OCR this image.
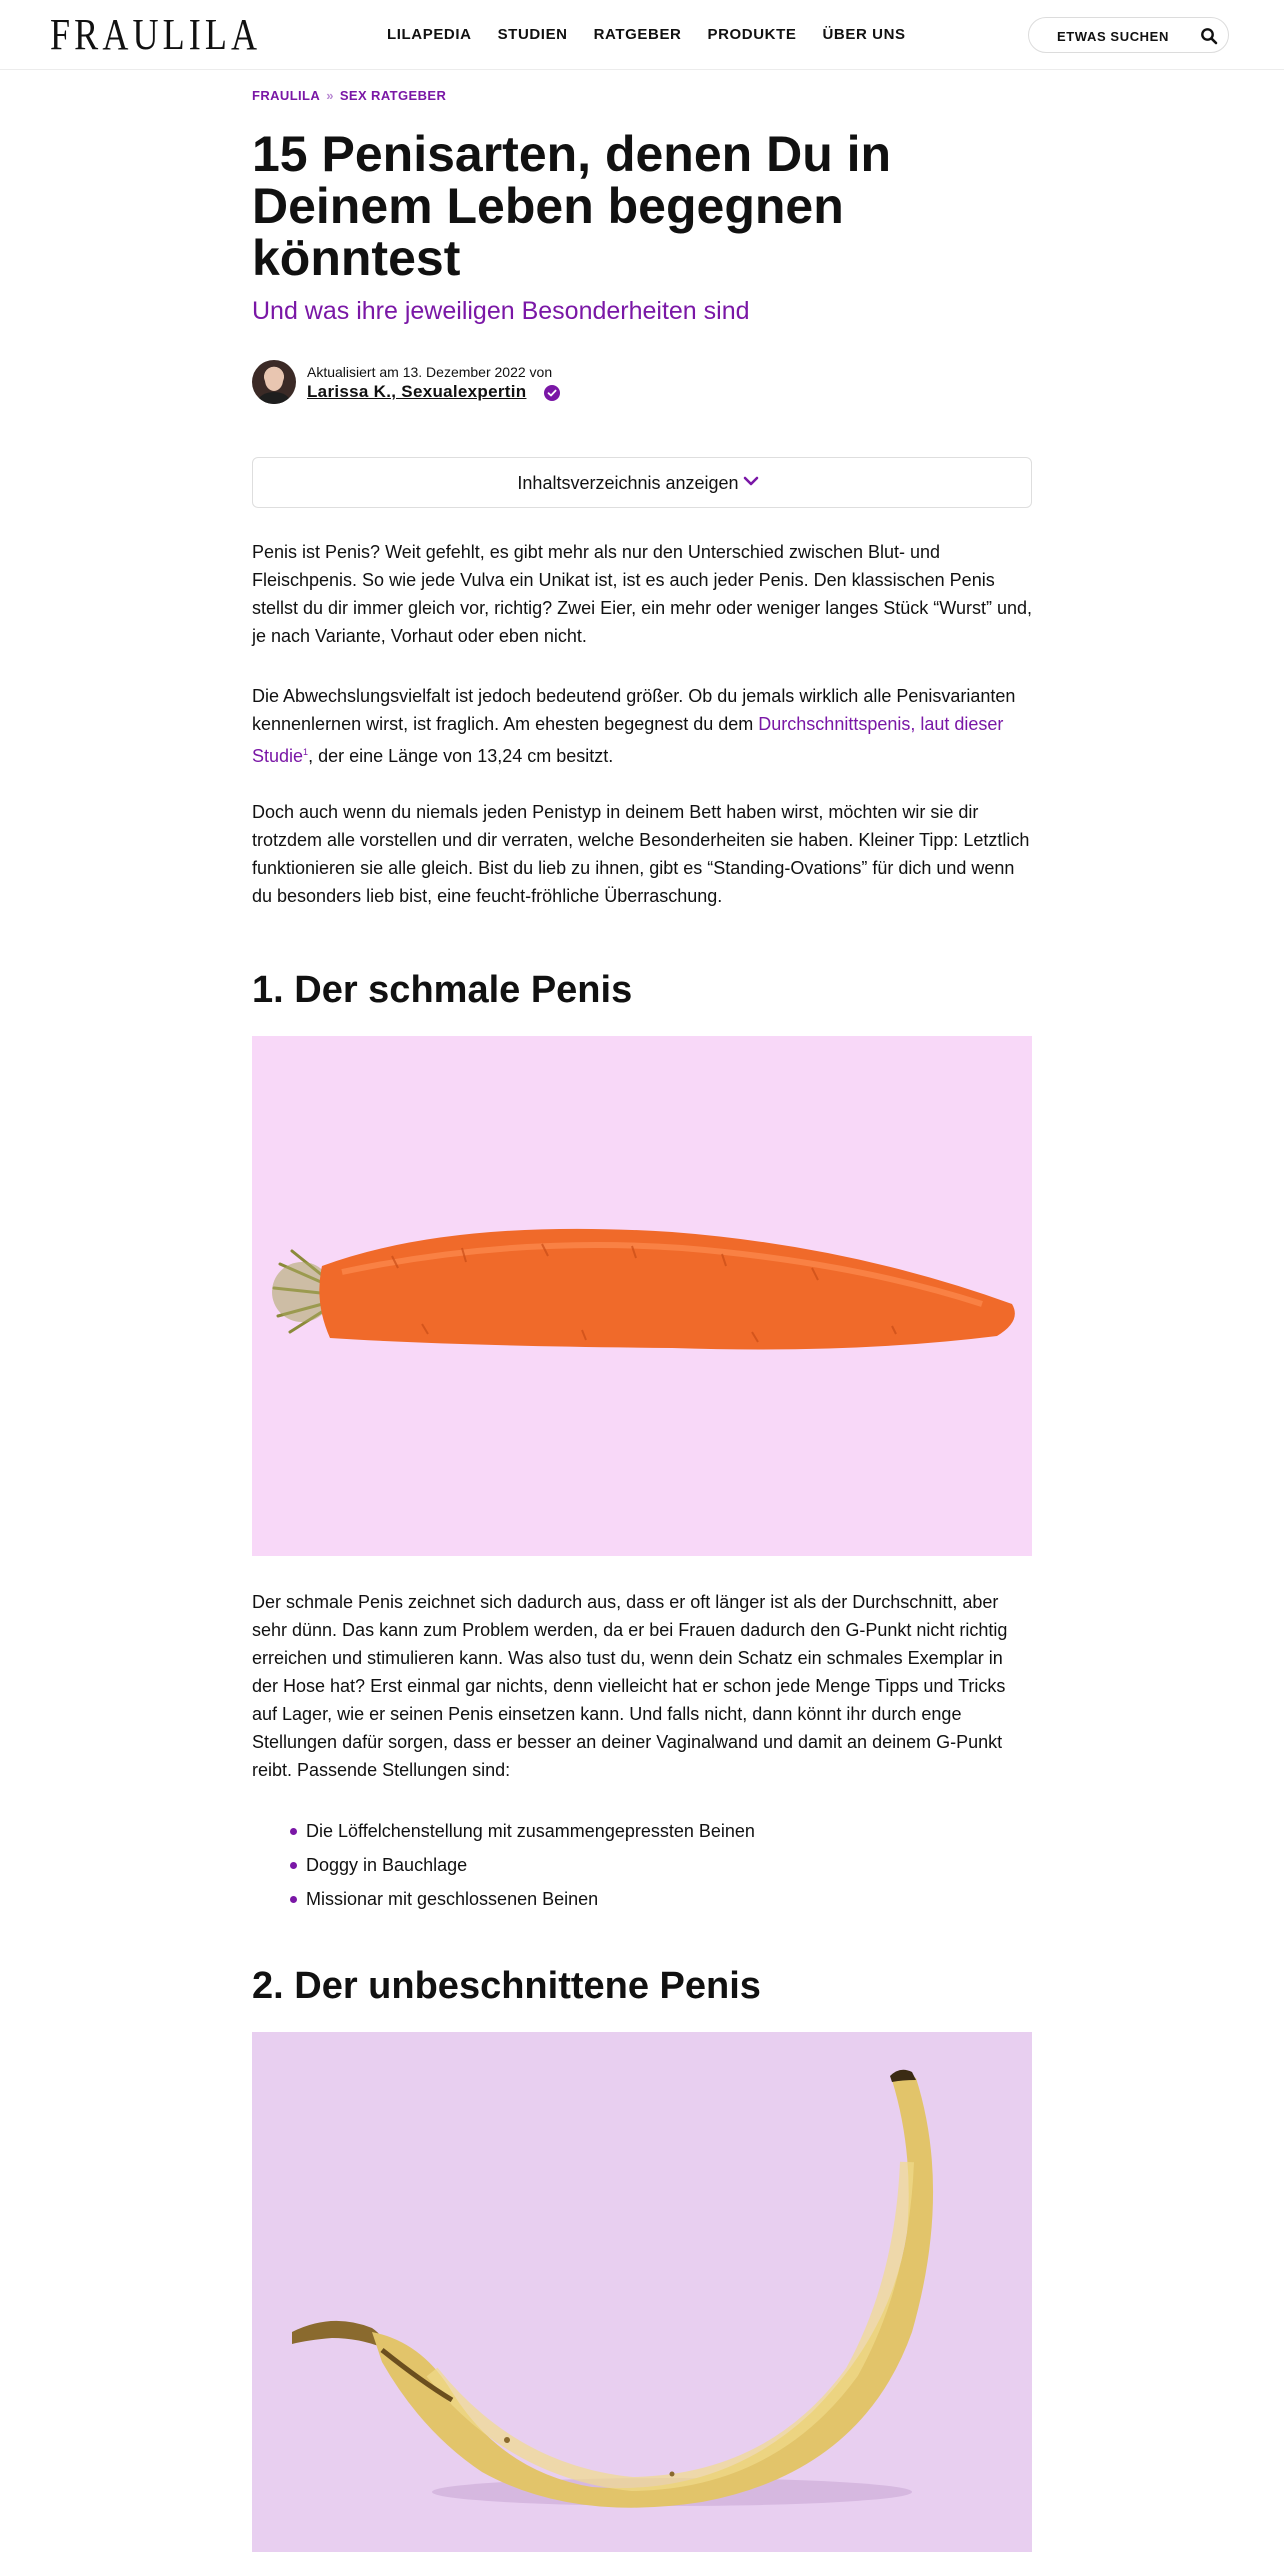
FRAULILA	LILAPEDIA STUDIEN RATGEBER PRODUKTE ÜBER UNS	ETWAS SUCHEN
FRAULILA » SEX RATGEBER
15 Penisarten, denen Du in Deinem Leben begegnen könntest
Und was ihre jeweiligen Besonderheiten sind
Aktualisiert am 13. Dezember 2022 von
Larissa K., Sexualexpertin
Inhaltsverzeichnis anzeigen

Penis ist Penis? Weit gefehlt, es gibt mehr als nur den Unterschied zwischen Blut- und Fleischpenis. So wie jede Vulva ein Unikat ist, ist es auch jeder Penis. Den klassischen Penis stellst du dir immer gleich vor, richtig? Zwei Eier, ein mehr oder weniger langes Stück “Wurst” und, je nach Variante, Vorhaut oder eben nicht.

Die Abwechslungsvielfalt ist jedoch bedeutend größer. Ob du jemals wirklich alle Penisvarianten kennenlernen wirst, ist fraglich. Am ehesten begegnest du dem Durchschnittspenis, laut dieser Studie$^1$, der eine Länge von 13,24 cm besitzt.

Doch auch wenn du niemals jeden Penistyp in deinem Bett haben wirst, möchten wir sie dir trotzdem alle vorstellen und dir verraten, welche Besonderheiten sie haben. Kleiner Tipp: Letztlich funktionieren sie alle gleich. Bist du lieb zu ihnen, gibt es “Standing-Ovations” für dich und wenn du besonders lieb bist, eine feucht-fröhliche Überraschung.

1. Der schmale Penis

Der schmale Penis zeichnet sich dadurch aus, dass er oft länger ist als der Durchschnitt, aber sehr dünn. Das kann zum Problem werden, da er bei Frauen dadurch den G-Punkt nicht richtig erreichen und stimulieren kann. Was also tust du, wenn dein Schatz ein schmales Exemplar in der Hose hat? Erst einmal gar nichts, denn vielleicht hat er schon jede Menge Tipps und Tricks auf Lager, wie er seinen Penis einsetzen kann. Und falls nicht, dann könnt ihr durch enge Stellungen dafür sorgen, dass er besser an deiner Vaginalwand und damit an deinem G-Punkt reibt. Passende Stellungen sind:

Die Löffelchenstellung mit zusammengepressten Beinen
Doggy in Bauchlage
Missionar mit geschlossenen Beinen
2. Der unbeschnittene Penis
